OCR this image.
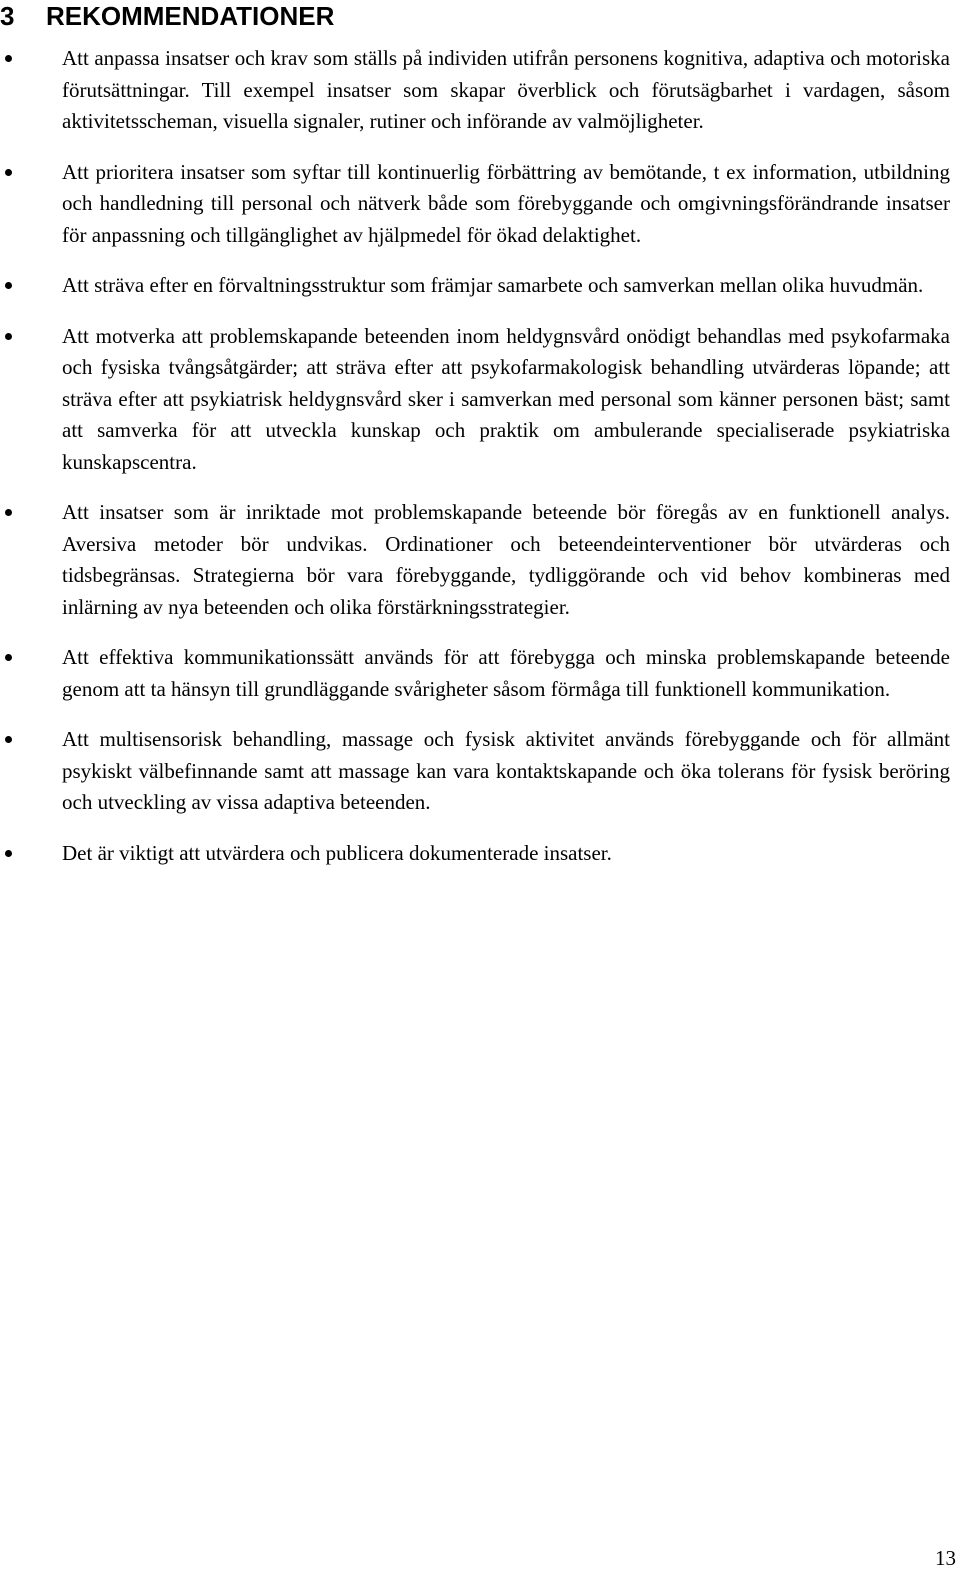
3 REKOMMENDATIONER
Att anpassa insatser och krav som ställs på individen utifrån personens kognitiva, adaptiva och motoriska förutsättningar. Till exempel insatser som skapar överblick och förutsägbarhet i vardagen, såsom aktivitetsscheman, visuella signaler, rutiner och införande av valmöjligheter.
Att prioritera insatser som syftar till kontinuerlig förbättring av bemötande, t ex information, utbildning och handledning till personal och nätverk både som förebyggande och omgivningsförändrande insatser för anpassning och tillgänglighet av hjälpmedel för ökad delaktighet.
Att sträva efter en förvaltningsstruktur som främjar samarbete och samverkan mellan olika huvudmän.
Att motverka att problemskapande beteenden inom heldygnsvård onödigt behandlas med psykofarmaka och fysiska tvångsåtgärder; att sträva efter att psykofarmakologisk behandling utvärderas löpande; att sträva efter att psykiatrisk heldygnsvård sker i samverkan med personal som känner personen bäst; samt att samverka för att utveckla kunskap och praktik om ambulerande specialiserade psykiatriska kunskapscentra.
Att insatser som är inriktade mot problemskapande beteende bör föregås av en funktionell analys. Aversiva metoder bör undvikas. Ordinationer och beteendeinterventioner bör utvärderas och tidsbegränsas. Strategierna bör vara förebyggande, tydliggörande och vid behov kombineras med inlärning av nya beteenden och olika förstärkningsstrategier.
Att effektiva kommunikationssätt används för att förebygga och minska problemskapande beteende genom att ta hänsyn till grundläggande svårigheter såsom förmåga till funktionell kommunikation.
Att multisensorisk behandling, massage och fysisk aktivitet används förebyggande och för allmänt psykiskt välbefinnande samt att massage kan vara kontaktskapande och öka tolerans för fysisk beröring och utveckling av vissa adaptiva beteenden.
Det är viktigt att utvärdera och publicera dokumenterade insatser.
13
